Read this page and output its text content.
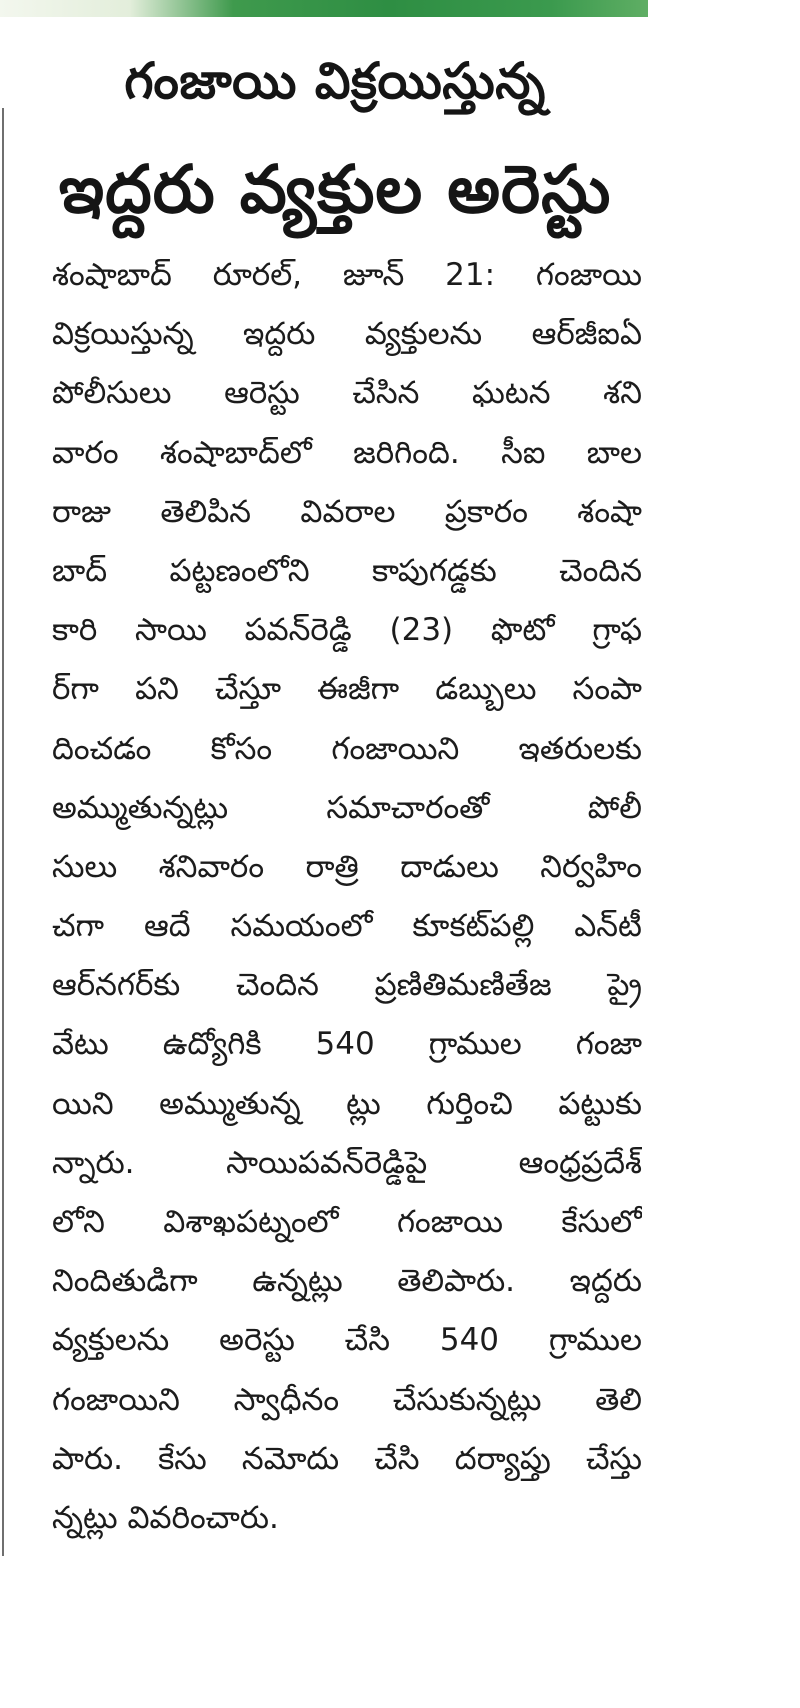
గంజాయి విక్రయిస్తున్న
ఇద్దరు వ్యక్తుల అరెస్టు
శంషాబాద్ రూరల్, జూన్ 21: గంజాయి
విక్రయిస్తున్న ఇద్దరు వ్యక్తులను ఆర్‌జీఐఏ
పోలీసులు ఆరెస్టు చేసిన ఘటన శని
వారం శంషాబాద్‌లో జరిగింది. సీఐ బాల
రాజు తెలిపిన వివరాల ప్రకారం శంషా
బాద్ పట్టణంలోని కాపుగడ్డకు చెందిన
కారి సాయి పవన్‌రెడ్డి (23) ఫొటో గ్రాఫ
ర్‌గా పని చేస్తూ ఈజీగా డబ్బులు సంపా
దించడం కోసం గంజాయిని ఇతరులకు
అమ్ముతున్నట్లు సమాచారంతో పోలీ
సులు శనివారం రాత్రి దాడులు నిర్వహిం
చగా ఆదే సమయంలో కూకట్‌పల్లి ఎన్‌టీ
ఆర్‌నగర్‌కు చెందిన ప్రణితిమణితేజ ప్రై
వేటు ఉద్యోగికి 540 గ్రాముల గంజా
యిని అమ్ముతున్న ట్లు గుర్తించి పట్టుకు
న్నారు. సాయిపవన్‌రెడ్డిపై ఆంధ్రప్రదేశ్
లోని విశాఖపట్నంలో గంజాయి కేసులో
నిందితుడిగా ఉన్నట్లు తెలిపారు. ఇద్దరు
వ్యక్తులను అరెస్టు చేసి 540 గ్రాముల
గంజాయిని స్వాధీనం చేసుకున్నట్లు తెలి
పారు. కేసు నమోదు చేసి దర్యాప్తు చేస్తు
న్నట్లు వివరించారు.
